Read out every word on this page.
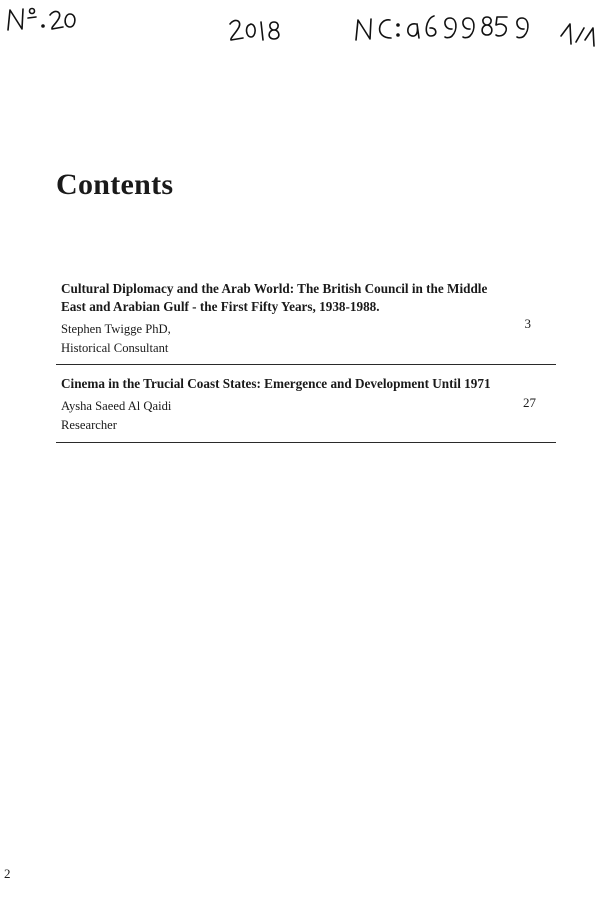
Contents
Cultural Diplomacy and the Arab World: The British Council in the Middle East and Arabian Gulf - the First Fifty Years, 1938-1988.
Stephen Twigge PhD,
Historical Consultant
3
Cinema in the Trucial Coast States: Emergence and Development Until 1971
Aysha Saeed Al Qaidi
Researcher
27
2
